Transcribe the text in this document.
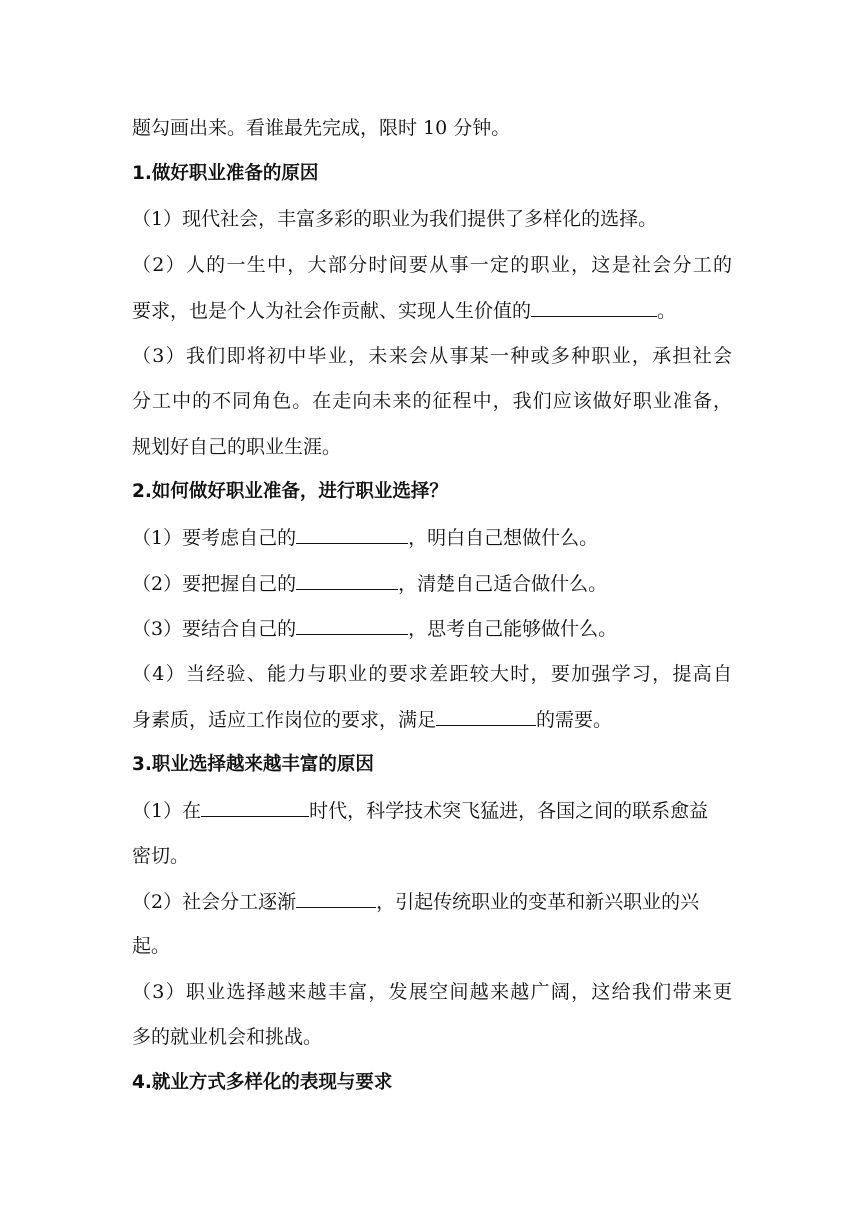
题勾画出来。看谁最先完成，限时 10 分钟。

1.做好职业准备的原因

（1）现代社会，丰富多彩的职业为我们提供了多样化的选择。

（2）人的一生中，大部分时间要从事一定的职业，这是社会分工的

要求，也是个人为社会作贡献、实现人生价值的	。

（3）我们即将初中毕业，未来会从事某一种或多种职业，承担社会

分工中的不同角色。在走向未来的征程中，我们应该做好职业准备，

规划好自己的职业生涯。

2.如何做好职业准备，进行职业选择？

（1）要考虑自己的	，明白自己想做什么。

（2）要把握自己的	，清楚自己适合做什么。

（3）要结合自己的	，思考自己能够做什么。

（4）当经验、能力与职业的要求差距较大时，要加强学习，提高自

身素质，适应工作岗位的要求，满足	的需要。

3.职业选择越来越丰富的原因

（1）在	时代，科学技术突飞猛进，各国之间的联系愈益

密切。

（2）社会分工逐渐	，引起传统职业的变革和新兴职业的兴

起。

（3）职业选择越来越丰富，发展空间越来越广阔，这给我们带来更

多的就业机会和挑战。

4.就业方式多样化的表现与要求
